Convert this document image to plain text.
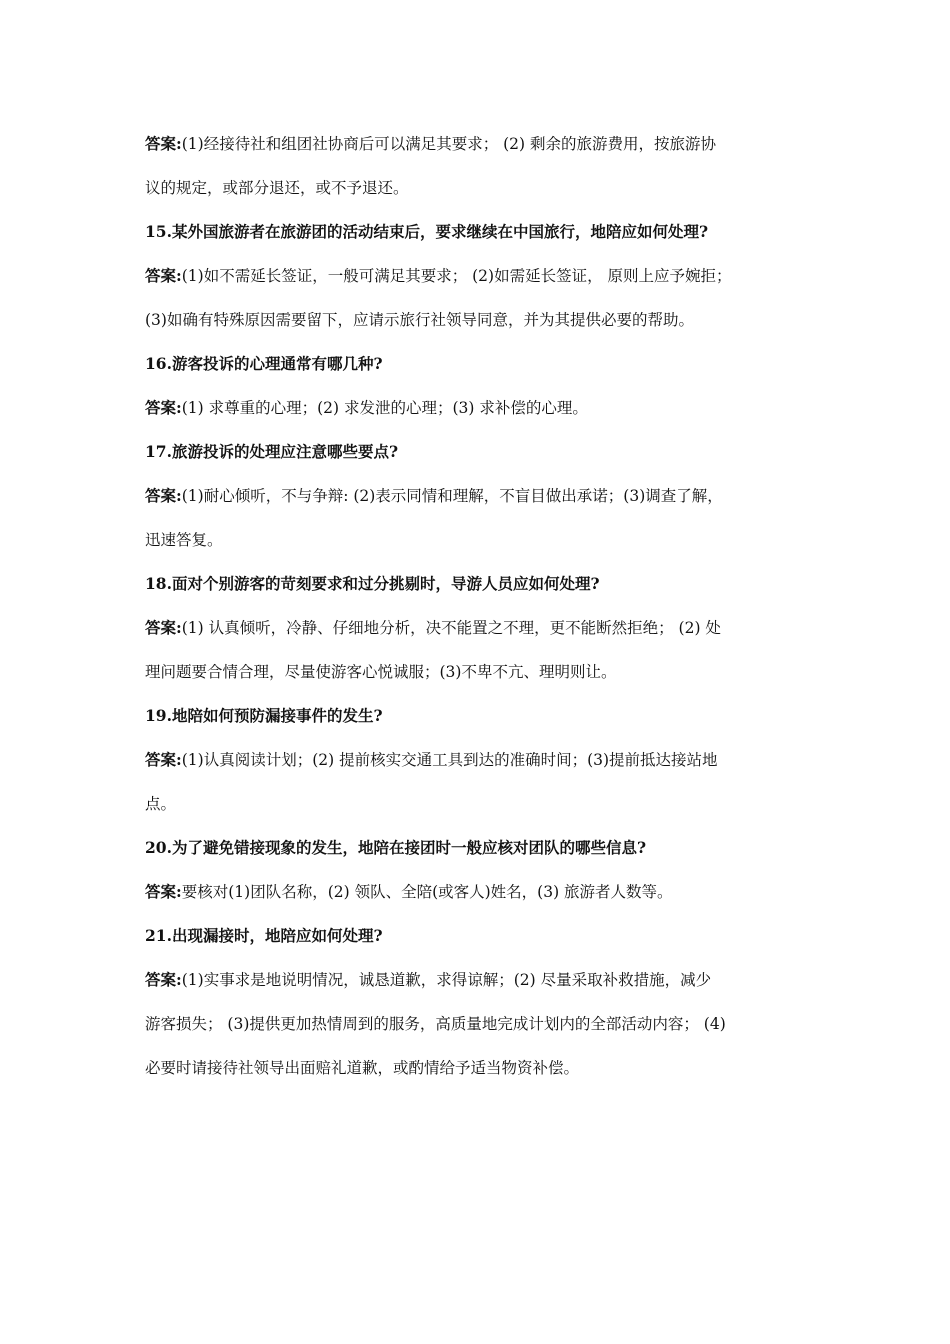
答案:(1)经接待社和组团社协商后可以满足其要求； (2) 剩余的旅游费用，按旅游协
议的规定，或部分退还，或不予退还。
15.某外国旅游者在旅游团的活动结束后，要求继续在中国旅行，地陪应如何处理?
答案:(1)如不需延长签证，一般可满足其要求； (2)如需延长签证， 原则上应予婉拒；
(3)如确有特殊原因需要留下，应请示旅行社领导同意，并为其提供必要的帮助。
16.游客投诉的心理通常有哪几种?
答案:(1) 求尊重的心理；(2) 求发泄的心理；(3) 求补偿的心理。
17.旅游投诉的处理应注意哪些要点?
答案:(1)耐心倾听，不与争辩: (2)表示同情和理解，不盲目做出承诺；(3)调查了解，
迅速答复。
18.面对个别游客的苛刻要求和过分挑剔时，导游人员应如何处理?
答案:(1) 认真倾听，冷静、仔细地分析，决不能置之不理，更不能断然拒绝； (2) 处
理问题要合情合理，尽量使游客心悦诚服；(3)不卑不亢、理明则让。
19.地陪如何预防漏接事件的发生?
答案:(1)认真阅读计划；(2) 提前核实交通工具到达的准确时间；(3)提前抵达接站地
点。
20.为了避免错接现象的发生，地陪在接团时一般应核对团队的哪些信息?
答案:要核对(1)团队名称，(2) 领队、全陪(或客人)姓名，(3) 旅游者人数等。
21.出现漏接时，地陪应如何处理?
答案:(1)实事求是地说明情况，诚恳道歉，求得谅解；(2) 尽量采取补救措施，减少
游客损失； (3)提供更加热情周到的服务，高质量地完成计划内的全部活动内容； (4)
必要时请接待社领导出面赔礼道歉，或酌情给予适当物资补偿。
